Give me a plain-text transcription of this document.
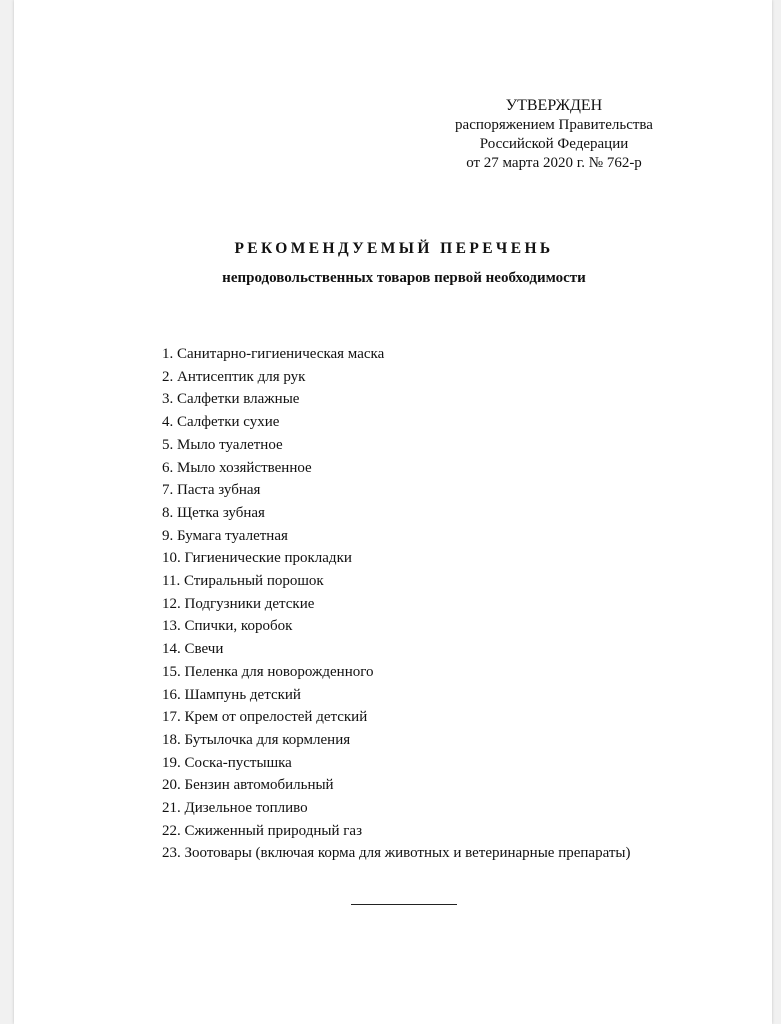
УТВЕРЖДЕН
распоряжением Правительства
Российской Федерации
от 27 марта 2020 г. № 762-р
РЕКОМЕНДУЕМЫЙ ПЕРЕЧЕНЬ
непродовольственных товаров первой необходимости
1. Санитарно-гигиеническая маска
2. Антисептик для рук
3. Салфетки влажные
4. Салфетки сухие
5. Мыло туалетное
6. Мыло хозяйственное
7. Паста зубная
8. Щетка зубная
9. Бумага туалетная
10. Гигиенические прокладки
11. Стиральный порошок
12. Подгузники детские
13. Спички, коробок
14. Свечи
15. Пеленка для новорожденного
16. Шампунь детский
17. Крем от опрелостей детский
18. Бутылочка для кормления
19. Соска-пустышка
20. Бензин автомобильный
21. Дизельное топливо
22. Сжиженный природный газ
23. Зоотовары (включая корма для животных и ветеринарные препараты)
